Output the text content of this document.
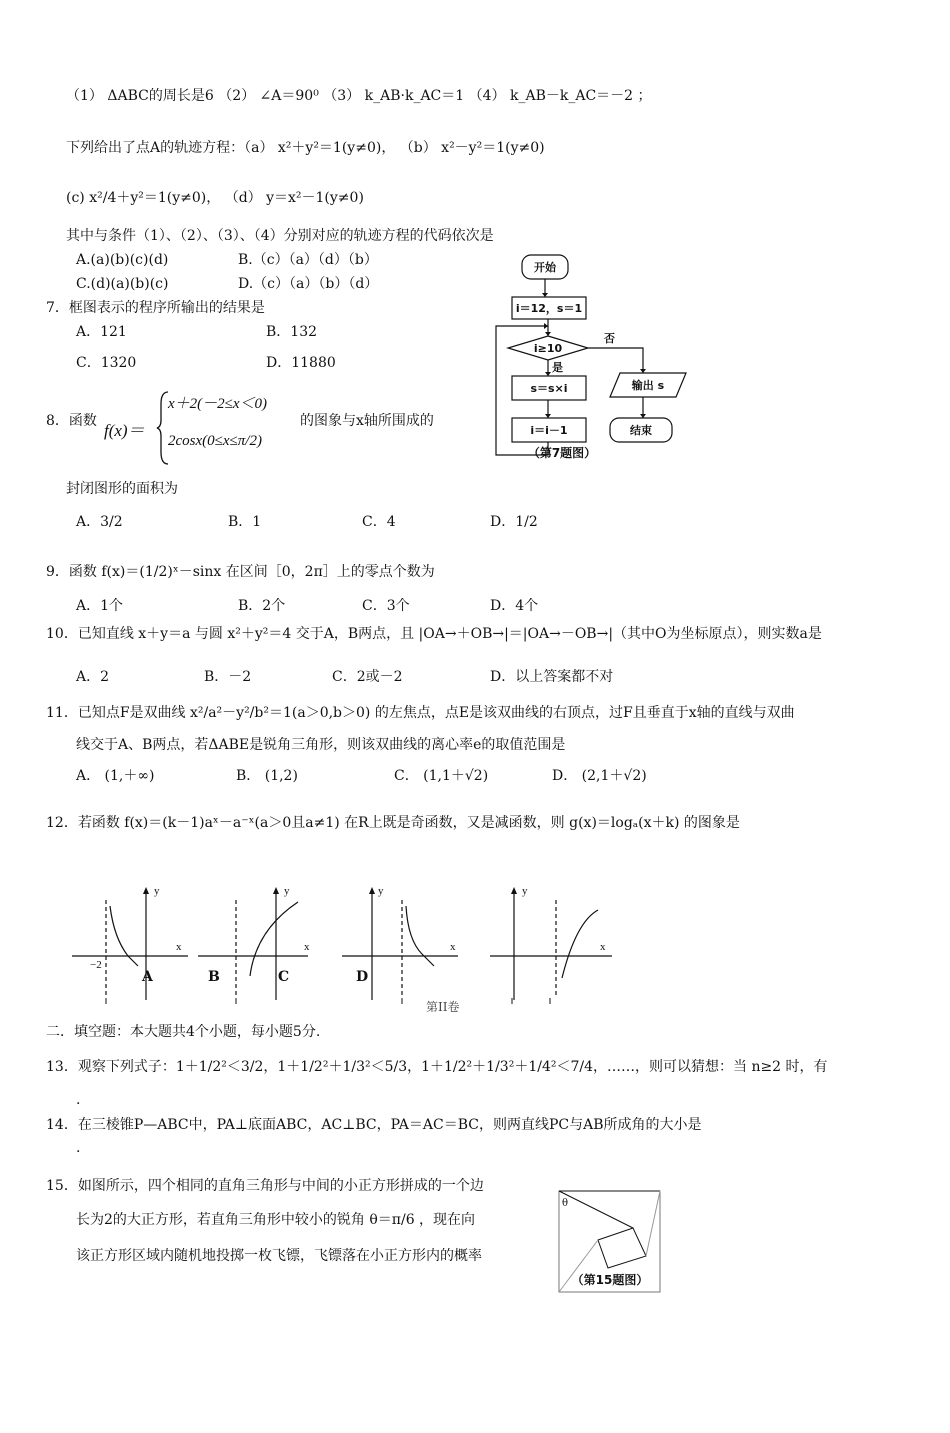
（1） ΔABC的周长是6 （2） ∠A＝90⁰ （3） k_AB·k_AC＝1 （4） k_AB－k_AC＝－2 ；
下列给出了点A的轨迹方程：（a） x²＋y²＝1(y≠0)， （b） x²－y²＝1(y≠0)
(c) x²/4＋y²＝1(y≠0)， （d） y＝x²－1(y≠0)
其中与条件（1）、（2）、（3）、（4）分别对应的轨迹方程的代码依次是
A.(a)(b)(c)(d)	B.（c）（a）（d）（b）
C.(d)(a)(b)(c)	D.（c）（a）（b）（d）
7．框图表示的程序所输出的结果是
A．121	B．132
C．1320	D．11880
开始
i＝12，s＝1
i≥10
是
否
s＝s×i
i＝i－1
输出 s
结束
（第7题图）
8．函数 f(x)＝
x＋2(－2≤x＜0)
2cosx(0≤x≤π/2)
的图象与x轴所围成的
封闭图形的面积为
A．3/2	B．1	C．4	D．1/2
9．函数 f(x)＝(1/2)ˣ－sinx 在区间［0，2π］上的零点个数为
A．1个	B．2个	C．3个	D．4个
10．已知直线 x＋y＝a 与圆 x²＋y²＝4 交于A，B两点，且 |OA→＋OB→|＝|OA→－OB→|（其中O为坐标原点），则实数a是
A．2	B．－2	C．2或－2	D．以上答案都不对
11．已知点F是双曲线 x²/a²－y²/b²＝1(a＞0,b＞0) 的左焦点，点E是该双曲线的右顶点，过F且垂直于x轴的直线与双曲
线交于A、B两点，若ΔABE是锐角三角形，则该双曲线的离心率e的取值范围是
A． (1,＋∞)	B． (1,2)	C． (1,1＋√2)	D． (2,1＋√2)
12．若函数 f(x)＝(k－1)aˣ－a⁻ˣ(a＞0且a≠1) 在R上既是奇函数，又是减函数，则 g(x)＝logₐ(x＋k) 的图象是
y
x
y
x
y
x
y
x
−2
A	B	C	D
第II卷
二．填空题：本大题共4个小题，每小题5分.
13．观察下列式子：1＋1/2²＜3/2，1＋1/2²＋1/3²＜5/3，1＋1/2²＋1/3²＋1/4²＜7/4，……，则可以猜想：当 n≥2 时，有
.
14．在三棱锥P—ABC中，PA⊥底面ABC，AC⊥BC，PA＝AC＝BC，则两直线PC与AB所成角的大小是
.
15．如图所示，四个相同的直角三角形与中间的小正方形拼成的一个边
长为2的大正方形，若直角三角形中较小的锐角 θ＝π/6 ，现在向
该正方形区域内随机地投掷一枚飞镖，飞镖落在小正方形内的概率
θ
（第15题图）
